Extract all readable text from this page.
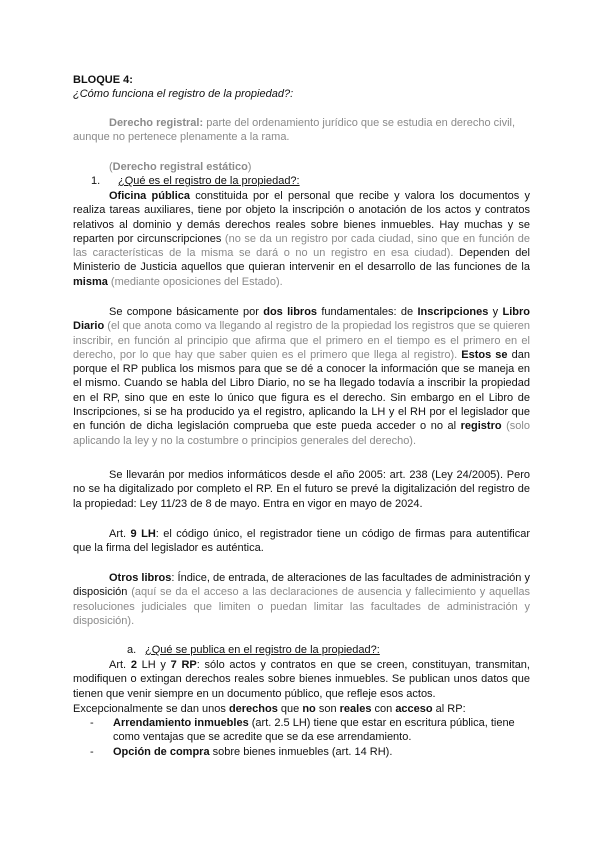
BLOQUE 4:

¿Cómo funciona el registro de la propiedad?:

Derecho registral: parte del ordenamiento jurídico que se estudia en derecho civil, aunque no pertenece plenamente a la rama.

(Derecho registral estático)

1. ¿Qué es el registro de la propiedad?:

Oficina pública constituida por el personal que recibe y valora los documentos y realiza tareas auxiliares, tiene por objeto la inscripción o anotación de los actos y contratos relativos al dominio y demás derechos reales sobre bienes inmuebles. Hay muchas y se reparten por circunscripciones (no se da un registro por cada ciudad, sino que en función de las características de la misma se dará o no un registro en esa ciudad). Dependen del Ministerio de Justicia aquellos que quieran intervenir en el desarrollo de las funciones de la misma (mediante oposiciones del Estado).

Se compone básicamente por dos libros fundamentales: de Inscripciones y Libro Diario (el que anota como va llegando al registro de la propiedad los registros que se quieren inscribir, en función al principio que afirma que el primero en el tiempo es el primero en el derecho, por lo que hay que saber quien es el primero que llega al registro). Estos se dan porque el RP publica los mismos para que se dé a conocer la información que se maneja en el mismo. Cuando se habla del Libro Diario, no se ha llegado todavía a inscribir la propiedad en el RP, sino que en este lo único que figura es el derecho. Sin embargo en el Libro de Inscripciones, si se ha producido ya el registro, aplicando la LH y el RH por el legislador que en función de dicha legislación comprueba que este pueda acceder o no al registro (solo aplicando la ley y no la costumbre o principios generales del derecho).

Se llevarán por medios informáticos desde el año 2005: art. 238 (Ley 24/2005). Pero no se ha digitalizado por completo el RP. En el futuro se prevé la digitalización del registro de la propiedad: Ley 11/23 de 8 de mayo. Entra en vigor en mayo de 2024.

Art. 9 LH: el código único, el registrador tiene un código de firmas para autentificar que la firma del legislador es auténtica.

Otros libros: Índice, de entrada, de alteraciones de las facultades de administración y disposición (aquí se da el acceso a las declaraciones de ausencia y fallecimiento y aquellas resoluciones judiciales que limiten o puedan limitar las facultades de administración y disposición).

a. ¿Qué se publica en el registro de la propiedad?:

Art. 2 LH y 7 RP: sólo actos y contratos en que se creen, constituyan, transmitan, modifiquen o extingan derechos reales sobre bienes inmuebles. Se publican unos datos que tienen que venir siempre en un documento público, que refleje esos actos.

Excepcionalmente se dan unos derechos que no son reales con acceso al RP:

- Arrendamiento inmuebles (art. 2.5 LH) tiene que estar en escritura pública, tiene como ventajas que se acredite que se da ese arrendamiento.
- Opción de compra sobre bienes inmuebles (art. 14 RH).
